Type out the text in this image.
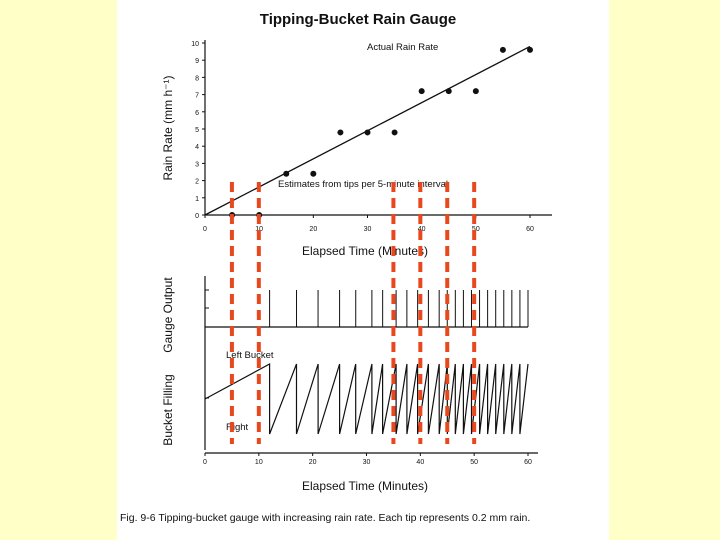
Tipping-Bucket Rain Gauge
Rain Rate (mm h⁻¹)
Elapsed Time (Minutes)
Gauge Output
Bucket Filling
Elapsed Time (Minutes)
Actual Rain Rate
Estimates from tips per 5-minute interval
Left Bucket
Right
Fig. 9-6 Tipping-bucket gauge with increasing rain rate. Each tip represents 0.2 mm rain.
0
1
2
3
4
5
6
7
8
9
10
0	10	20	30	40	50	60
0	10	20	30	40	50	60
